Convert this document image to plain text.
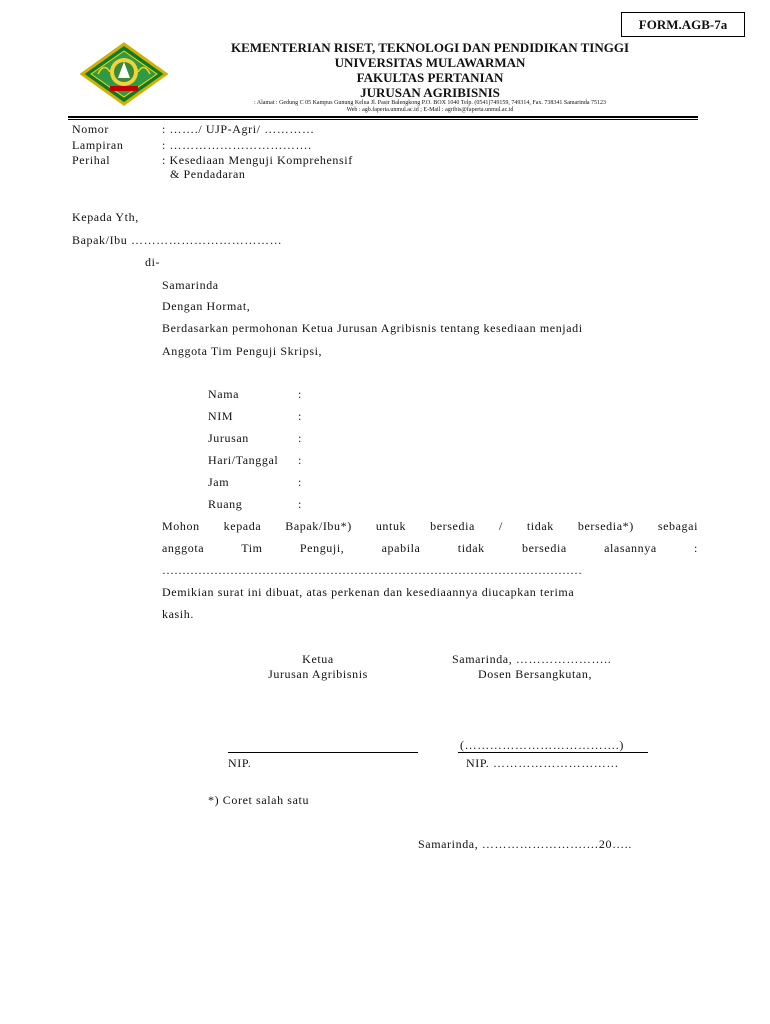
FORM.AGB-7a
KEMENTERIAN RISET, TEKNOLOGI DAN PENDIDIKAN TINGGI
UNIVERSITAS MULAWARMAN
FAKULTAS PERTANIAN
JURUSAN AGRIBISNIS
: Alamat : Gedung C 05 Kampus Gunung Kelua Jl. Pasir Balengkong P.O. BOX 1040 Telp. (0541)749159, 749314, Fax. 738341 Samarinda 75123
Web : agb.faperta.unmul.ac.id ; E-Mail : agribis@faperta.unmul.ac.id
Nomor	: ……./ UJP-Agri/ …………
Lampiran	: …………………………….
Perihal	: Kesediaan Menguji Komprehensif
& Pendadaran
Kepada Yth,
Bapak/Ibu ………………………………
di-
Samarinda
Dengan Hormat,
Berdasarkan permohonan Ketua Jurusan Agribisnis tentang kesediaan menjadi
Anggota Tim Penguji Skripsi,
Nama	:
NIM	:
Jurusan	:
Hari/Tanggal :
Jam	:
Ruang	:
Mohon kepada Bapak/Ibu*) untuk bersedia / tidak bersedia*) sebagai
anggota Tim Penguji, apabila tidak bersedia alasannya :
……………………………………………………………………………………………
Demikian surat ini dibuat, atas perkenan dan kesediaannya diucapkan terima
kasih.
Ketua
Jurusan Agribisnis
Samarinda, …………………..
Dosen Bersangkutan,
NIP.
(……………………………….)
NIP. …………………………
*) Coret salah satu
Samarinda, …………………….…20…..
